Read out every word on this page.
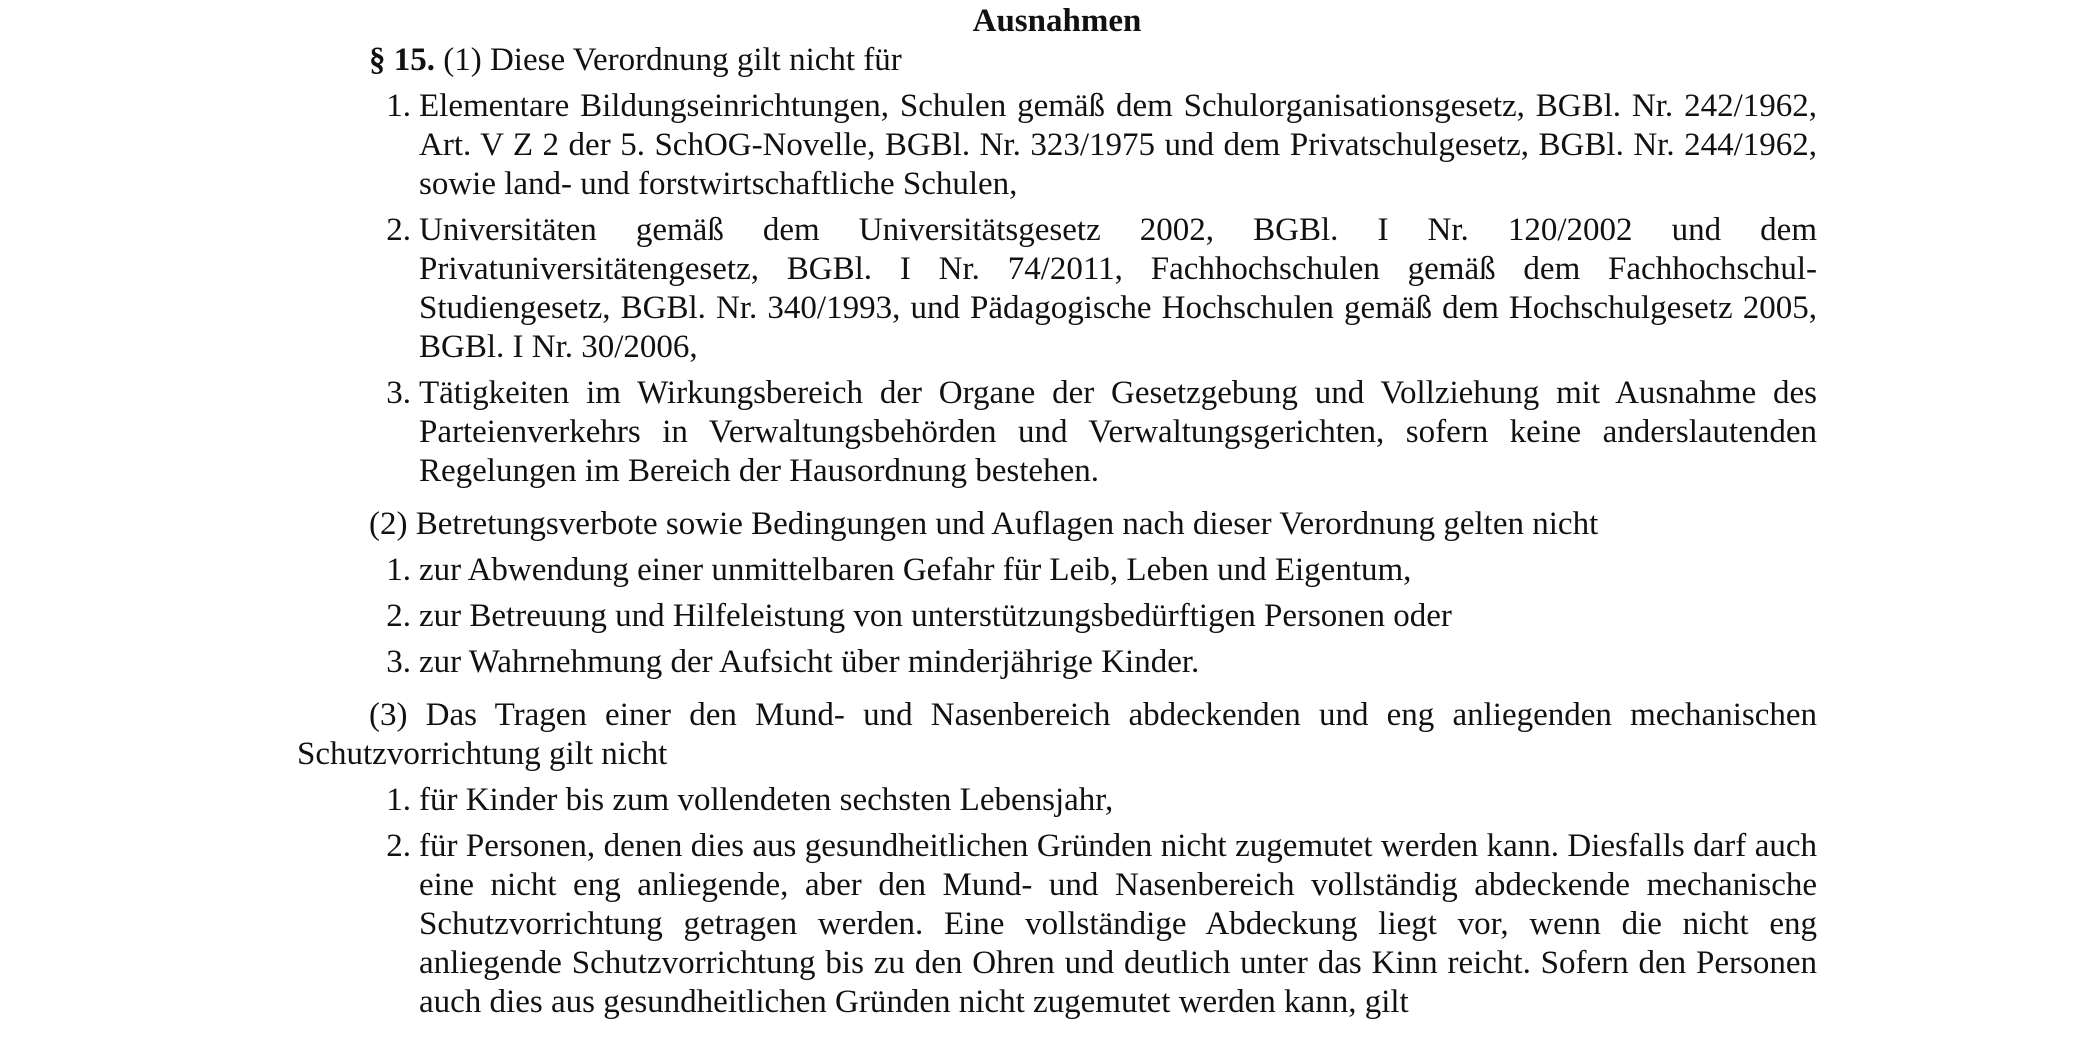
Ausnahmen

§ 15. (1) Diese Verordnung gilt nicht für

1. Elementare Bildungseinrichtungen, Schulen gemäß dem Schulorganisationsgesetz, BGBl. Nr. 242/1962, Art. V Z 2 der 5. SchOG-Novelle, BGBl. Nr. 323/1975 und dem Privatschulgesetz, BGBl. Nr. 244/1962, sowie land- und forstwirtschaftliche Schulen,
2. Universitäten gemäß dem Universitätsgesetz 2002, BGBl. I Nr. 120/2002 und dem Privatuniversitätengesetz, BGBl. I Nr. 74/2011, Fachhochschulen gemäß dem Fachhochschul-Studiengesetz, BGBl. Nr. 340/1993, und Pädagogische Hochschulen gemäß dem Hochschulgesetz 2005, BGBl. I Nr. 30/2006,
3. Tätigkeiten im Wirkungsbereich der Organe der Gesetzgebung und Vollziehung mit Ausnahme des Parteienverkehrs in Verwaltungsbehörden und Verwaltungsgerichten, sofern keine anderslautenden Regelungen im Bereich der Hausordnung bestehen.

(2) Betretungsverbote sowie Bedingungen und Auflagen nach dieser Verordnung gelten nicht

1. zur Abwendung einer unmittelbaren Gefahr für Leib, Leben und Eigentum,
2. zur Betreuung und Hilfeleistung von unterstützungsbedürftigen Personen oder
3. zur Wahrnehmung der Aufsicht über minderjährige Kinder.

(3) Das Tragen einer den Mund- und Nasenbereich abdeckenden und eng anliegenden mechanischen Schutzvorrichtung gilt nicht

1. für Kinder bis zum vollendeten sechsten Lebensjahr,
2. für Personen, denen dies aus gesundheitlichen Gründen nicht zugemutet werden kann. Diesfalls darf auch eine nicht eng anliegende, aber den Mund- und Nasenbereich vollständig abdeckende mechanische Schutzvorrichtung getragen werden. Eine vollständige Abdeckung liegt vor, wenn die nicht eng anliegende Schutzvorrichtung bis zu den Ohren und deutlich unter das Kinn reicht. Sofern den Personen auch dies aus gesundheitlichen Gründen nicht zugemutet werden kann, gilt
